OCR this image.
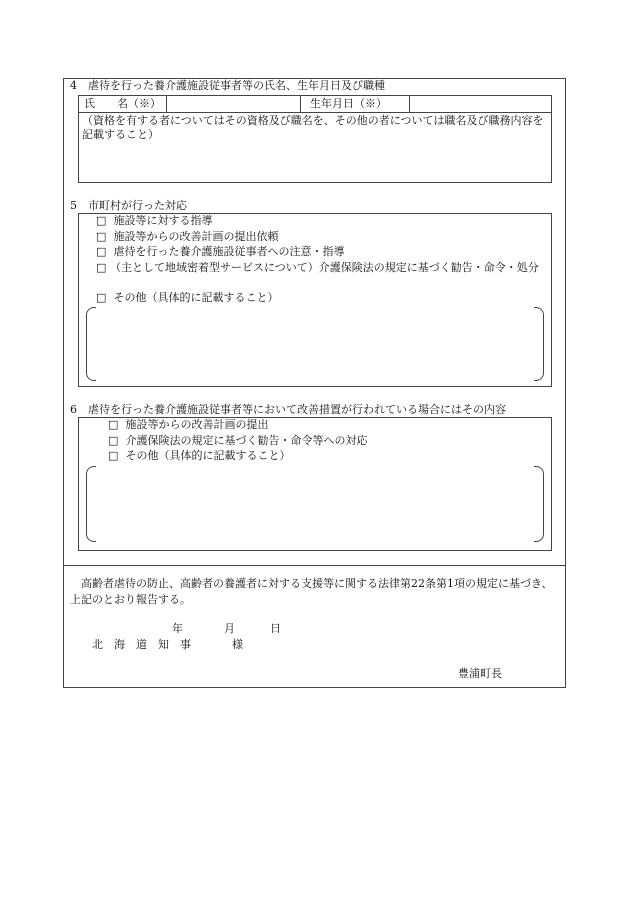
4　虐待を行った養介護施設従事者等の氏名、生年月日及び職種
氏　　名（※）	生年月日（※）
（資格を有する者についてはその資格及び職名を、その他の者については職名及び職務内容を記載すること）
5　市町村が行った対応
□ 施設等に対する指導
□ 施設等からの改善計画の提出依頼
□ 虐待を行った養介護施設従事者への注意・指導
□ （主として地域密着型サービスについて）介護保険法の規定に基づく勧告・命令・処分
□ その他（具体的に記載すること）
6　虐待を行った養介護施設従事者等において改善措置が行われている場合にはその内容
□ 施設等からの改善計画の提出
□ 介護保険法の規定に基づく勧告・命令等への対応
□ その他（具体的に記載すること）
高齢者虐待の防止、高齢者の養護者に対する支援等に関する法律第22条第1項の規定に基づき、上記のとおり報告する。
年	月	日
北　海　道　知　事	様
豊浦町長
